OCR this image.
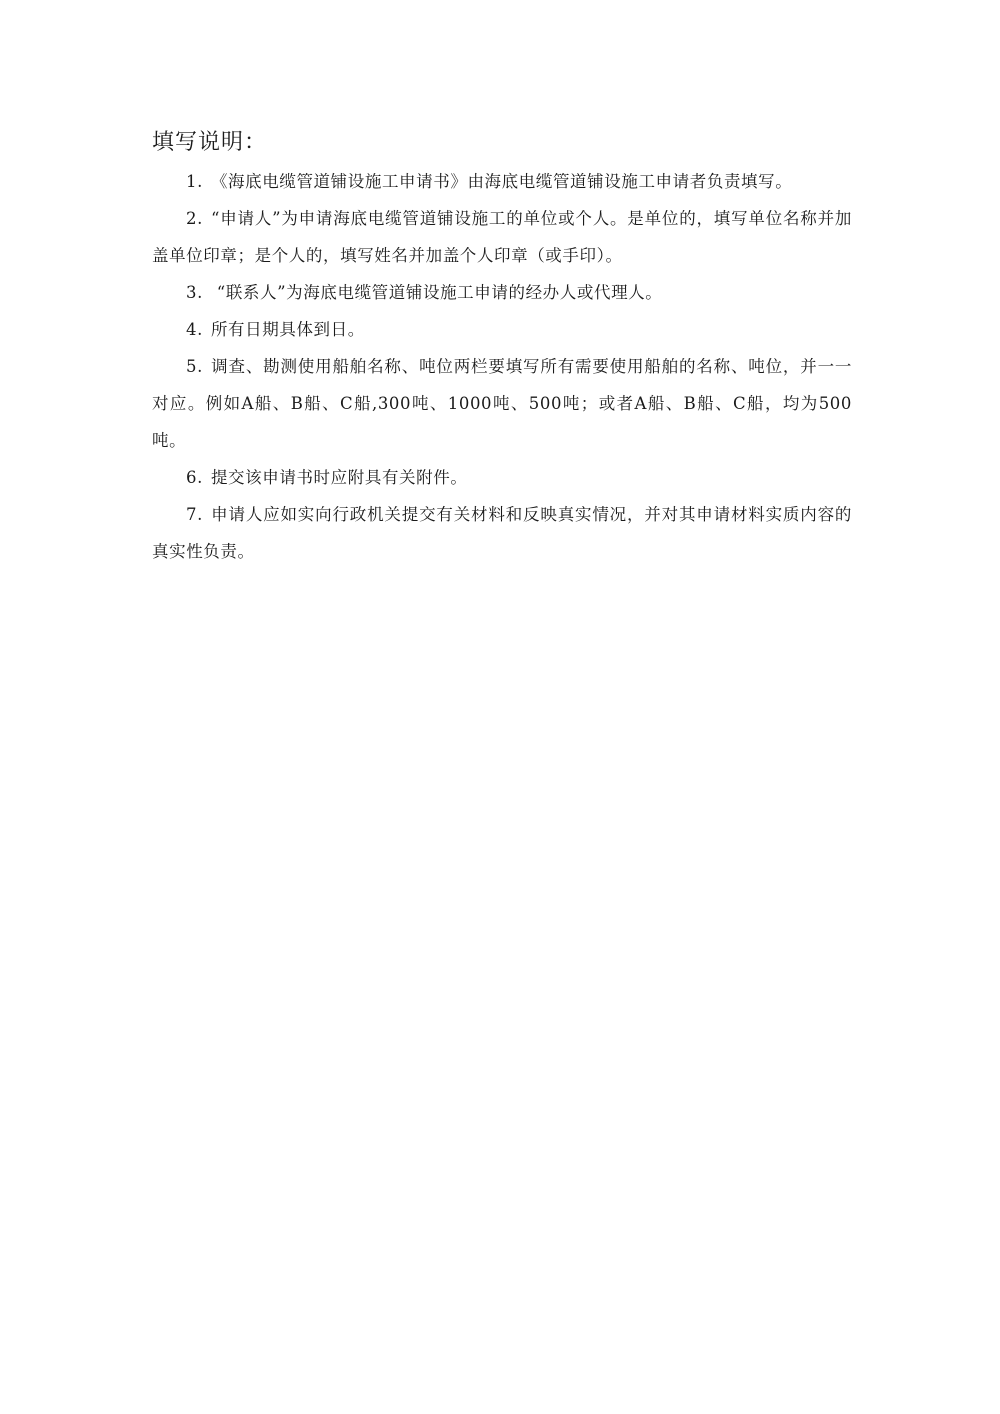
填写说明：

1. 《海底电缆管道铺设施工申请书》由海底电缆管道铺设施工申请者负责填写。

2. “申请人”为申请海底电缆管道铺设施工的单位或个人。是单位的，填写单位名称并加盖单位印章；是个人的，填写姓名并加盖个人印章（或手印）。

3. “联系人”为海底电缆管道铺设施工申请的经办人或代理人。

4. 所有日期具体到日。

5. 调查、勘测使用船舶名称、吨位两栏要填写所有需要使用船舶的名称、吨位，并一一对应。例如A船、B船、C船,300吨、1000吨、500吨；或者A船、B船、C船，均为500吨。

6. 提交该申请书时应附具有关附件。

7. 申请人应如实向行政机关提交有关材料和反映真实情况，并对其申请材料实质内容的真实性负责。
